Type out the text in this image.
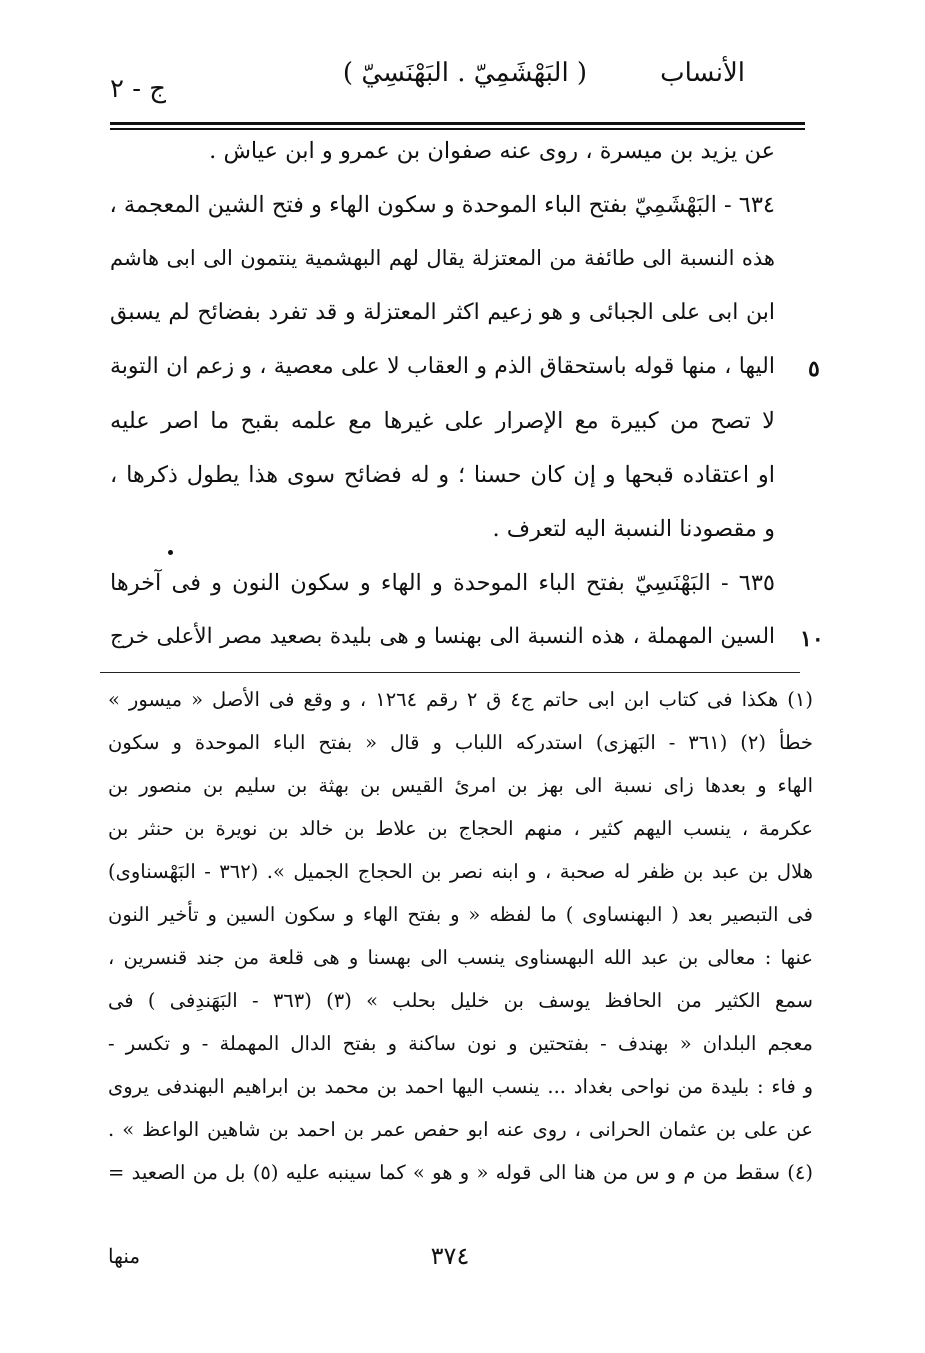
الأنساب
( البَهْشَمِيّ . البَهْنَسِيّ )
ج - ٢
عن يزيد بن ميسرة ، روى عنه صفوان بن عمرو و ابن عياش .
٦٣٤ - البَهْشَمِيّ بفتح الباء الموحدة و سكون الهاء و فتح الشين المعجمة ،
هذه النسبة الى طائفة من المعتزلة يقال لهم البهشمية ينتمون الى ابى هاشم
ابن ابى على الجبائى و هو زعيم اكثر المعتزلة و قد تفرد بفضائح لم يسبق
اليها ، منها قوله باستحقاق الذم و العقاب لا على معصية ، و زعم ان التوبة
لا تصح من كبيرة مع الإصرار على غيرها مع علمه بقبح ما اصر عليه
او اعتقاده قبحها و إن كان حسنا ؛ و له فضائح سوى هذا يطول ذكرها ،
و مقصودنا النسبة اليه لتعرف .
٦٣٥ - البَهْنَسِيّ بفتح الباء الموحدة و الهاء و سكون النون و فى آخرها
السين المهملة ، هذه النسبة الى بهنسا و هى بليدة بصعيد مصر الأعلى خرج
٥
١٠
(١) هكذا فى كتاب ابن ابى حاتم ج٤ ق ٢ رقم ١٢٦٤ ، و وقع فى الأصل « ميسور »
خطأ (٢) (٣٦١ - البَهزى) استدركه اللباب و قال « بفتح الباء الموحدة و سكون
الهاء و بعدها زاى نسبة الى بهز بن امرئ القيس بن بهثة بن سليم بن منصور بن
عكرمة ، ينسب اليهم كثير ، منهم الحجاج بن علاط بن خالد بن نويرة بن حنثر بن
هلال بن عبد بن ظفر له صحبة ، و ابنه نصر بن الحجاج الجميل ». (٣٦٢ - البَهْسناوى)
فى التبصير بعد ( البهنساوى ) ما لفظه « و بفتح الهاء و سكون السين و تأخير النون
عنها : معالى بن عبد الله البهسناوى ينسب الى بهسنا و هى قلعة من جند قنسرين ،
سمع الكثير من الحافظ يوسف بن خليل بحلب » (٣) (٣٦٣ - البَهَندِفى ) فى
معجم البلدان « بهندف - بفتحتين و نون ساكنة و بفتح الدال المهملة - و تكسر -
و فاء : بليدة من نواحى بغداد ... ينسب اليها احمد بن محمد بن ابراهيم البهندفى يروى
عن على بن عثمان الحرانى ، روى عنه ابو حفص عمر بن احمد بن شاهين الواعظ » .
(٤) سقط من م و س من هنا الى قوله « و هو » كما سينبه عليه (٥) بل من الصعيد =
٣٧٤
منها
